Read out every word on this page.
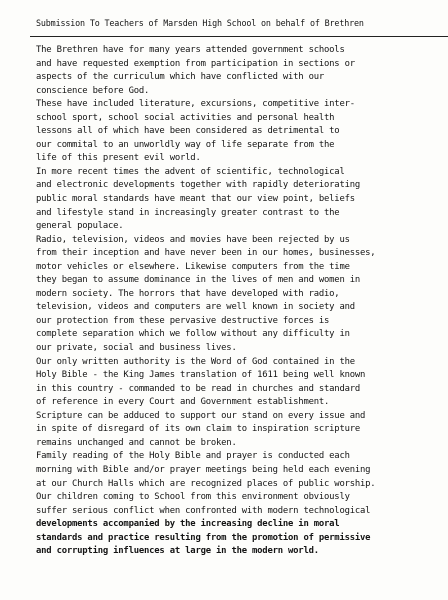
Submission To Teachers of Marsden High School on behalf of Brethren
The Brethren have for many years attended government schools
and have requested exemption from participation in sections or
aspects of the curriculum which have conflicted with our
conscience before God.
These have included literature, excursions, competitive inter-
school sport, school social activities and personal health
lessons all of which have been considered as detrimental to
our commital to an unworldly way of life separate from the
life of this present evil world.
In more recent times the advent of scientific, technological
and electronic developments together with rapidly deteriorating
public moral standards have meant that our view point, beliefs
and lifestyle stand in increasingly greater contrast to the
general populace.
Radio, television, videos and movies have been rejected by us
from their inception and have never been in our homes, businesses,
motor vehicles or elsewhere. Likewise computers from the time
they began to assume dominance in the lives of men and women in
modern society. The horrors that have developed with radio,
television, videos and computers are well known in society and
our protection from these pervasive destructive forces is
complete separation which we follow without any difficulty in
our private, social and business lives.
Our only written authority is the Word of God contained in the
Holy Bible - the King James translation of 1611 being well known
in this country - commanded to be read in churches and standard
of reference in every Court and Government establishment.
Scripture can be adduced to support our stand on every issue and
in spite of disregard of its own claim to inspiration scripture
remains unchanged and cannot be broken.
Family reading of the Holy Bible and prayer is conducted each
morning with Bible and/or prayer meetings being held each evening
at our Church Halls which are recognized places of public worship.
Our children coming to School from this environment obviously
suffer serious conflict when confronted with modern technological
developments accompanied by the increasing decline in moral
standards and practice resulting from the promotion of permissive
and corrupting influences at large in the modern world.
